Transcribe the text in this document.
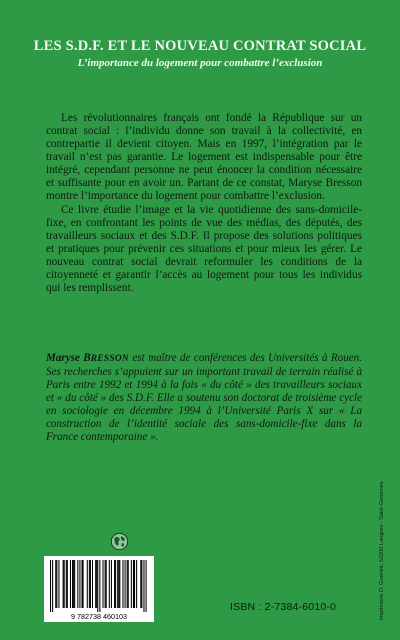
LES S.D.F. ET LE NOUVEAU CONTRAT SOCIAL
L’importance du logement pour combattre l’exclusion
Les révolutionnaires français ont fondé la République sur un contrat social : l’individu donne son travail à la collectivité, en contrepartie il devient citoyen. Mais en 1997, l’intégration par le travail n’est pas garantie. Le logement est indispensable pour être intégré, cependant personne ne peut énoncer la condition nécessaire et suffisante pour en avoir un. Partant de ce constat, Maryse Bresson montre l’importance du logement pour combattre l’exclusion.
Ce livre étudie l’image et la vie quotidienne des sans-domicile-fixe, en confrontant les points de vue des médias, des députés, des travailleurs sociaux et des S.D.F. Il propose des solutions politiques et pratiques pour prévenir ces situations et pour mieux les gérer. Le nouveau contrat social devrait reformuler les conditions de la citoyenneté et garantir l’accès au logement pour tous les individus qui les remplissent.
Maryse BRESSON est maître de conférences des Universités à Rouen. Ses recherches s’appuient sur un important travail de terrain réalisé à Paris entre 1992 et 1994 à la fois « du côté » des travailleurs sociaux et « du côté » des S.D.F. Elle a soutenu son doctorat de troisième cycle en sociologie en décembre 1994 à l’Université Paris X sur « La construction de l’identité sociale des sans-domicile-fixe dans la France contemporaine ».
9 782738 460103
ISBN : 2-7384-6010-0	Imprimerie D. Guéniot, 52200 Langres - Saint-Geosmes
